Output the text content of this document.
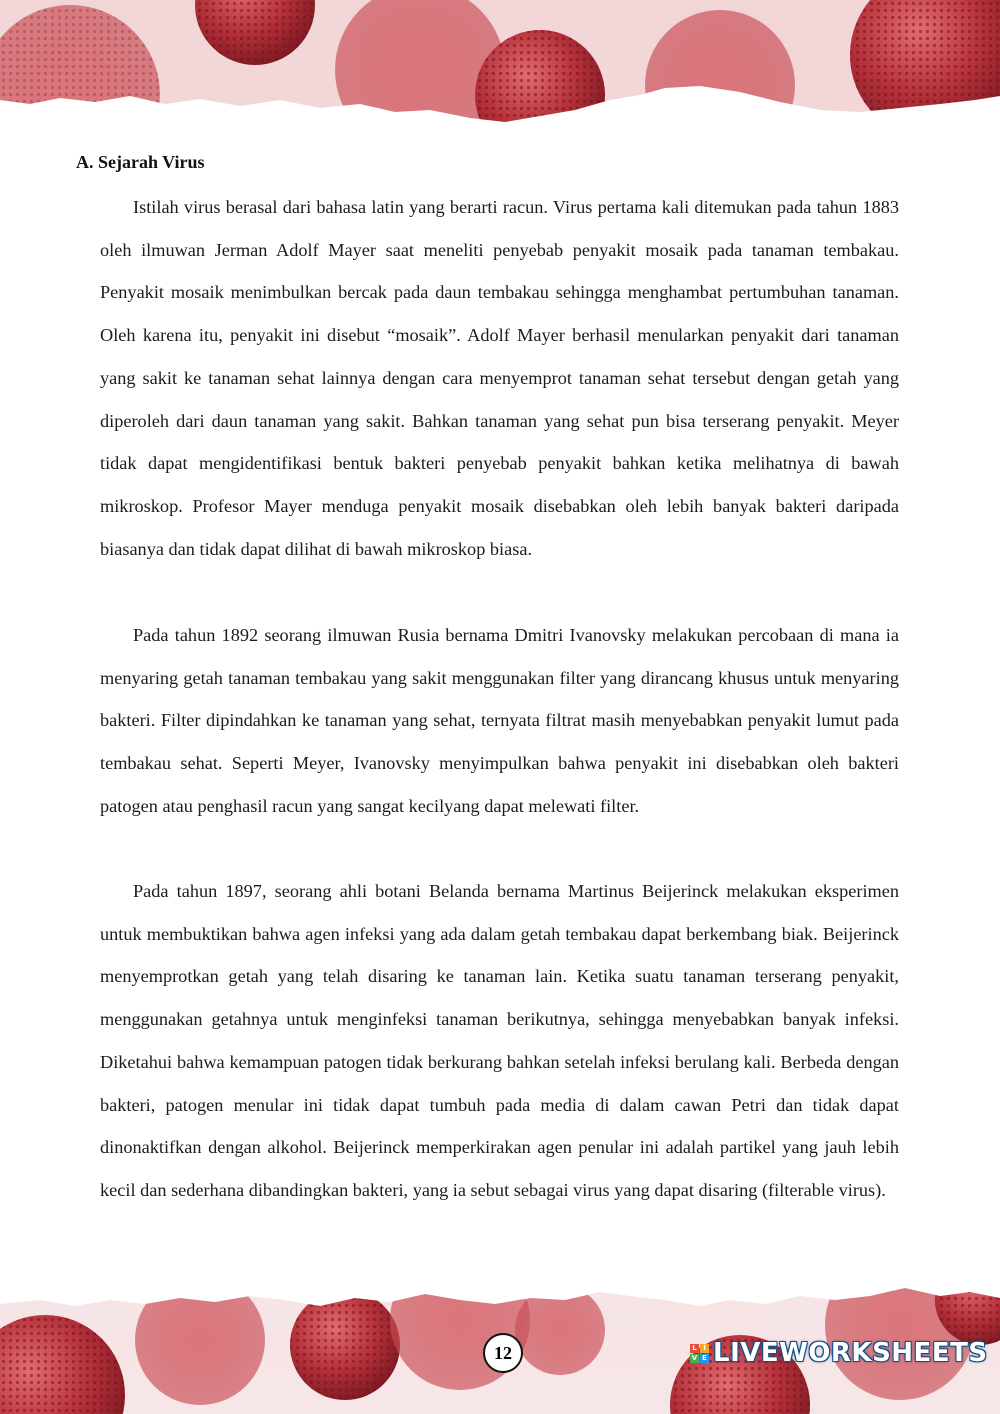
A. Sejarah Virus

Istilah virus berasal dari bahasa latin yang berarti racun. Virus pertama kali ditemukan pada tahun 1883 oleh ilmuwan Jerman Adolf Mayer saat meneliti penyebab penyakit mosaik pada tanaman tembakau. Penyakit mosaik menimbulkan bercak pada daun tembakau sehingga menghambat pertumbuhan tanaman. Oleh karena itu, penyakit ini disebut “mosaik”. Adolf Mayer berhasil menularkan penyakit dari tanaman yang sakit ke tanaman sehat lainnya dengan cara menyemprot tanaman sehat tersebut dengan getah yang diperoleh dari daun tanaman yang sakit. Bahkan tanaman yang sehat pun bisa terserang penyakit. Meyer tidak dapat mengidentifikasi bentuk bakteri penyebab penyakit bahkan ketika melihatnya di bawah mikroskop. Profesor Mayer menduga penyakit mosaik disebabkan oleh lebih banyak bakteri daripada biasanya dan tidak dapat dilihat di bawah mikroskop biasa.

Pada tahun 1892 seorang ilmuwan Rusia bernama Dmitri Ivanovsky melakukan percobaan di mana ia menyaring getah tanaman tembakau yang sakit menggunakan filter yang dirancang khusus untuk menyaring bakteri. Filter dipindahkan ke tanaman yang sehat, ternyata filtrat masih menyebabkan penyakit lumut pada tembakau sehat. Seperti Meyer, Ivanovsky menyimpulkan bahwa penyakit ini disebabkan oleh bakteri patogen atau penghasil racun yang sangat kecilyang dapat melewati filter.

Pada tahun 1897, seorang ahli botani Belanda bernama Martinus Beijerinck melakukan eksperimen untuk membuktikan bahwa agen infeksi yang ada dalam getah tembakau dapat berkembang biak. Beijerinck menyemprotkan getah yang telah disaring ke tanaman lain. Ketika suatu tanaman terserang penyakit, menggunakan getahnya untuk menginfeksi tanaman berikutnya, sehingga menyebabkan banyak infeksi. Diketahui bahwa kemampuan patogen tidak berkurang bahkan setelah infeksi berulang kali. Berbeda dengan bakteri, patogen menular ini tidak dapat tumbuh pada media di dalam cawan Petri dan tidak dapat dinonaktifkan dengan alkohol. Beijerinck memperkirakan agen penular ini adalah partikel yang jauh lebih kecil dan sederhana dibandingkan bakteri, yang ia sebut sebagai virus yang dapat disaring (filterable virus).

12	L I
V E LIVEWORKSHEETS
